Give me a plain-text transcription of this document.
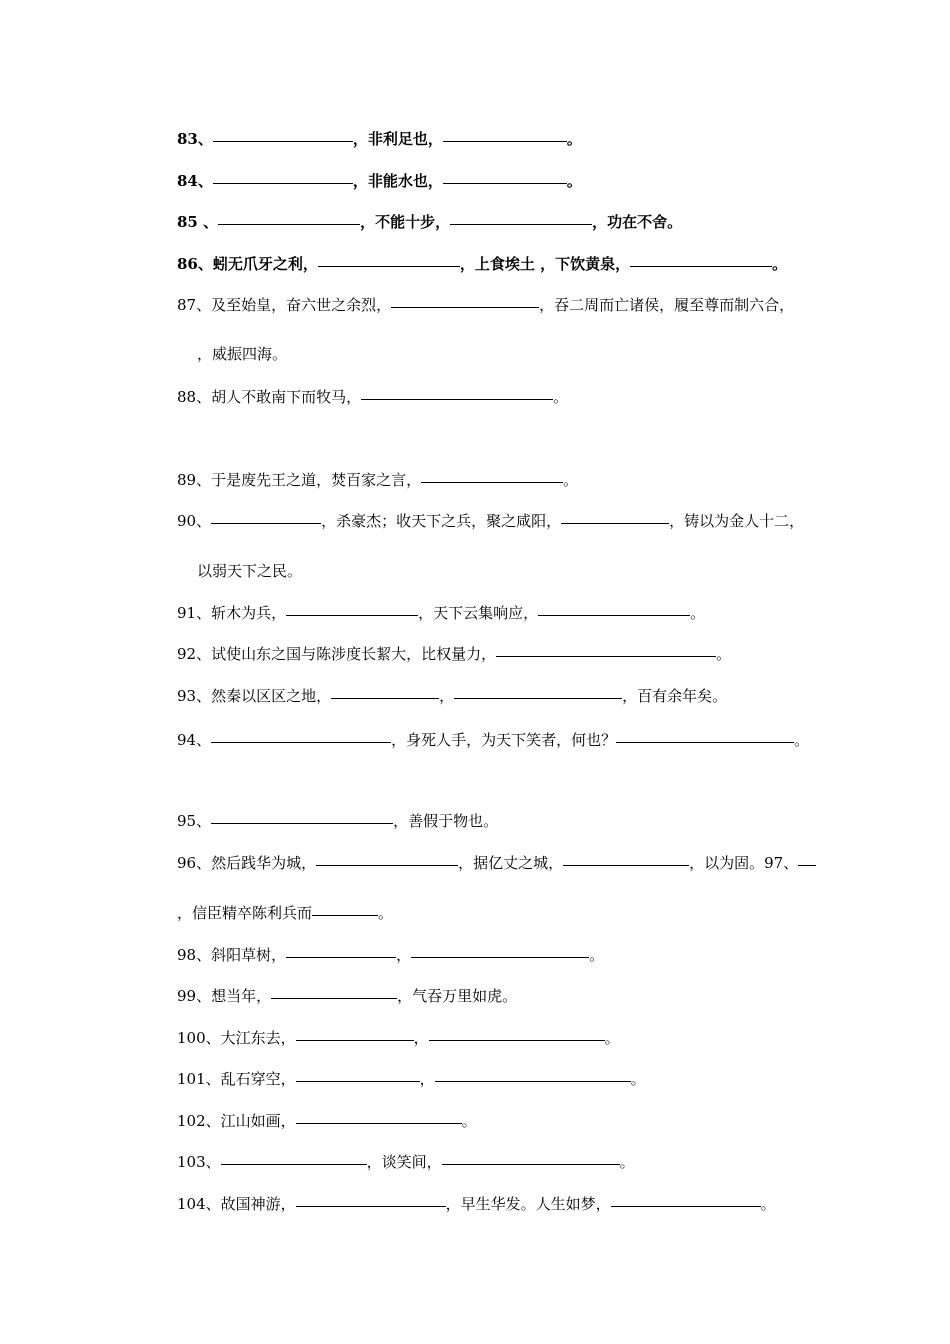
83、	，非利足也，	。
84、	，非能水也，	。
85 、	，不能十步，	，功在不舍。
86、蚓无爪牙之利，	，上食埃土 ，下饮黄泉，	。
87、及至始皇，奋六世之余烈，	，吞二周而亡诸侯，履至尊而制六合，
，威振四海。
88、胡人不敢南下而牧马，	。
89、于是废先王之道，焚百家之言，	。
90、	，杀豪杰；收天下之兵，聚之咸阳，	，铸以为金人十二，
以弱天下之民。
91、斩木为兵，	，天下云集响应，	。
92、试使山东之国与陈涉度长絜大，比权量力，	。
93、然秦以区区之地，	，	，百有余年矣。
94、	，身死人手，为天下笑者，何也？	。
95、	，善假于物也。
96、然后践华为城，	，据亿丈之城，	，以为固。97、
，信臣精卒陈利兵而	。
98、斜阳草树，	，	。
99、想当年，	，气吞万里如虎。
100、大江东去，	，	。
101、乱石穿空，	，	。
102、江山如画，	。
103、	，谈笑间，	。
104、故国神游，	，早生华发。人生如梦，	。
